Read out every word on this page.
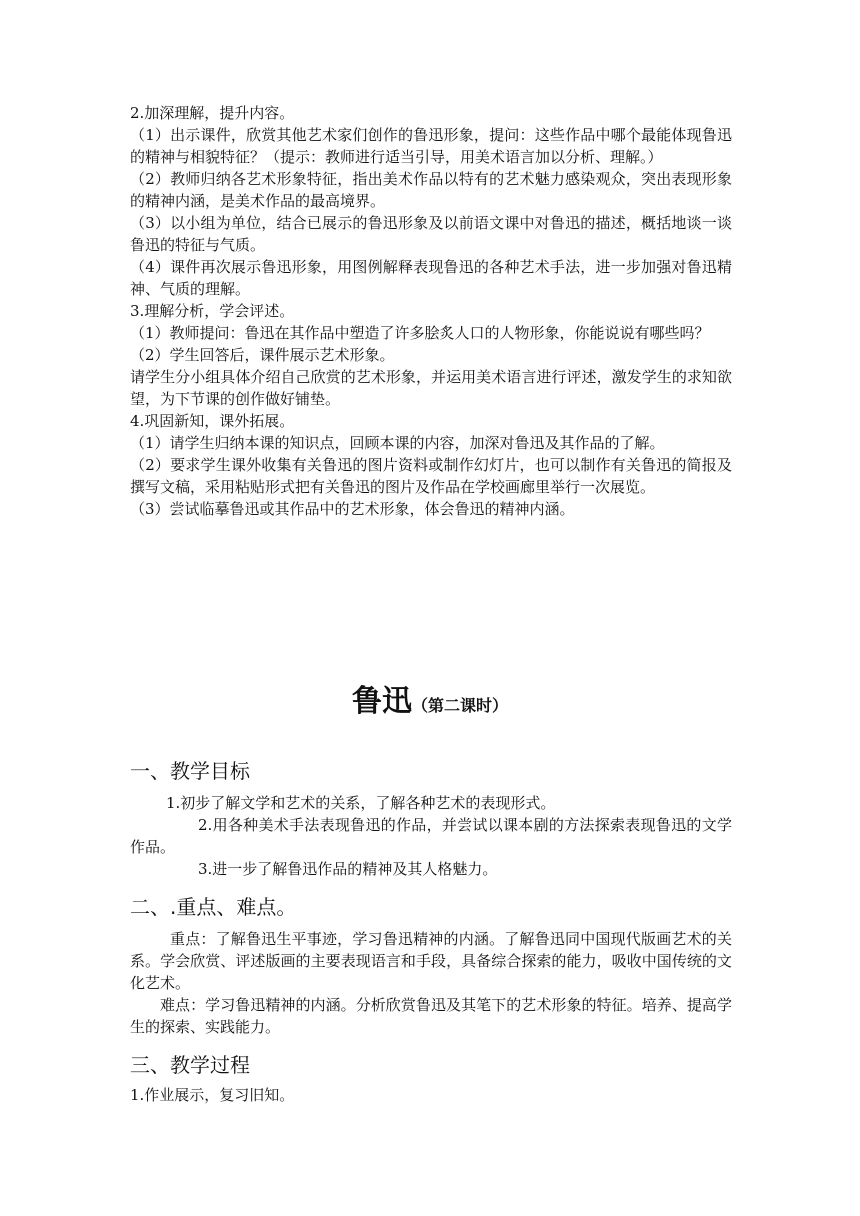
2.加深理解，提升内容。

（1）出示课件，欣赏其他艺术家们创作的鲁迅形象，提问：这些作品中哪个最能体现鲁迅的精神与相貌特征？（提示：教师进行适当引导，用美术语言加以分析、理解。）

（2）教师归纳各艺术形象特征，指出美术作品以特有的艺术魅力感染观众，突出表现形象的精神内涵，是美术作品的最高境界。

（3）以小组为单位，结合已展示的鲁迅形象及以前语文课中对鲁迅的描述，概括地谈一谈鲁迅的特征与气质。

（4）课件再次展示鲁迅形象，用图例解释表现鲁迅的各种艺术手法，进一步加强对鲁迅精神、气质的理解。

3.理解分析，学会评述。

（1）教师提问：鲁迅在其作品中塑造了许多脍炙人口的人物形象，你能说说有哪些吗？

（2）学生回答后，课件展示艺术形象。

请学生分小组具体介绍自己欣赏的艺术形象，并运用美术语言进行评述，激发学生的求知欲望，为下节课的创作做好铺垫。

4.巩固新知，课外拓展。

（1）请学生归纳本课的知识点，回顾本课的内容，加深对鲁迅及其作品的了解。

（2）要求学生课外收集有关鲁迅的图片资料或制作幻灯片，也可以制作有关鲁迅的简报及撰写文稿，采用粘贴形式把有关鲁迅的图片及作品在学校画廊里举行一次展览。

（3）尝试临摹鲁迅或其作品中的艺术形象，体会鲁迅的精神内涵。

鲁迅（第二课时）
一、教学目标

1.初步了解文学和艺术的关系，了解各种艺术的表现形式。

2.用各种美术手法表现鲁迅的作品，并尝试以课本剧的方法探索表现鲁迅的文学作品。

3.进一步了解鲁迅作品的精神及其人格魅力。

二、.重点、难点。

重点：了解鲁迅生平事迹，学习鲁迅精神的内涵。了解鲁迅同中国现代版画艺术的关系。学会欣赏、评述版画的主要表现语言和手段，具备综合探索的能力，吸收中国传统的文化艺术。

难点：学习鲁迅精神的内涵。分析欣赏鲁迅及其笔下的艺术形象的特征。培养、提高学生的探索、实践能力。

三、教学过程

1.作业展示，复习旧知。
